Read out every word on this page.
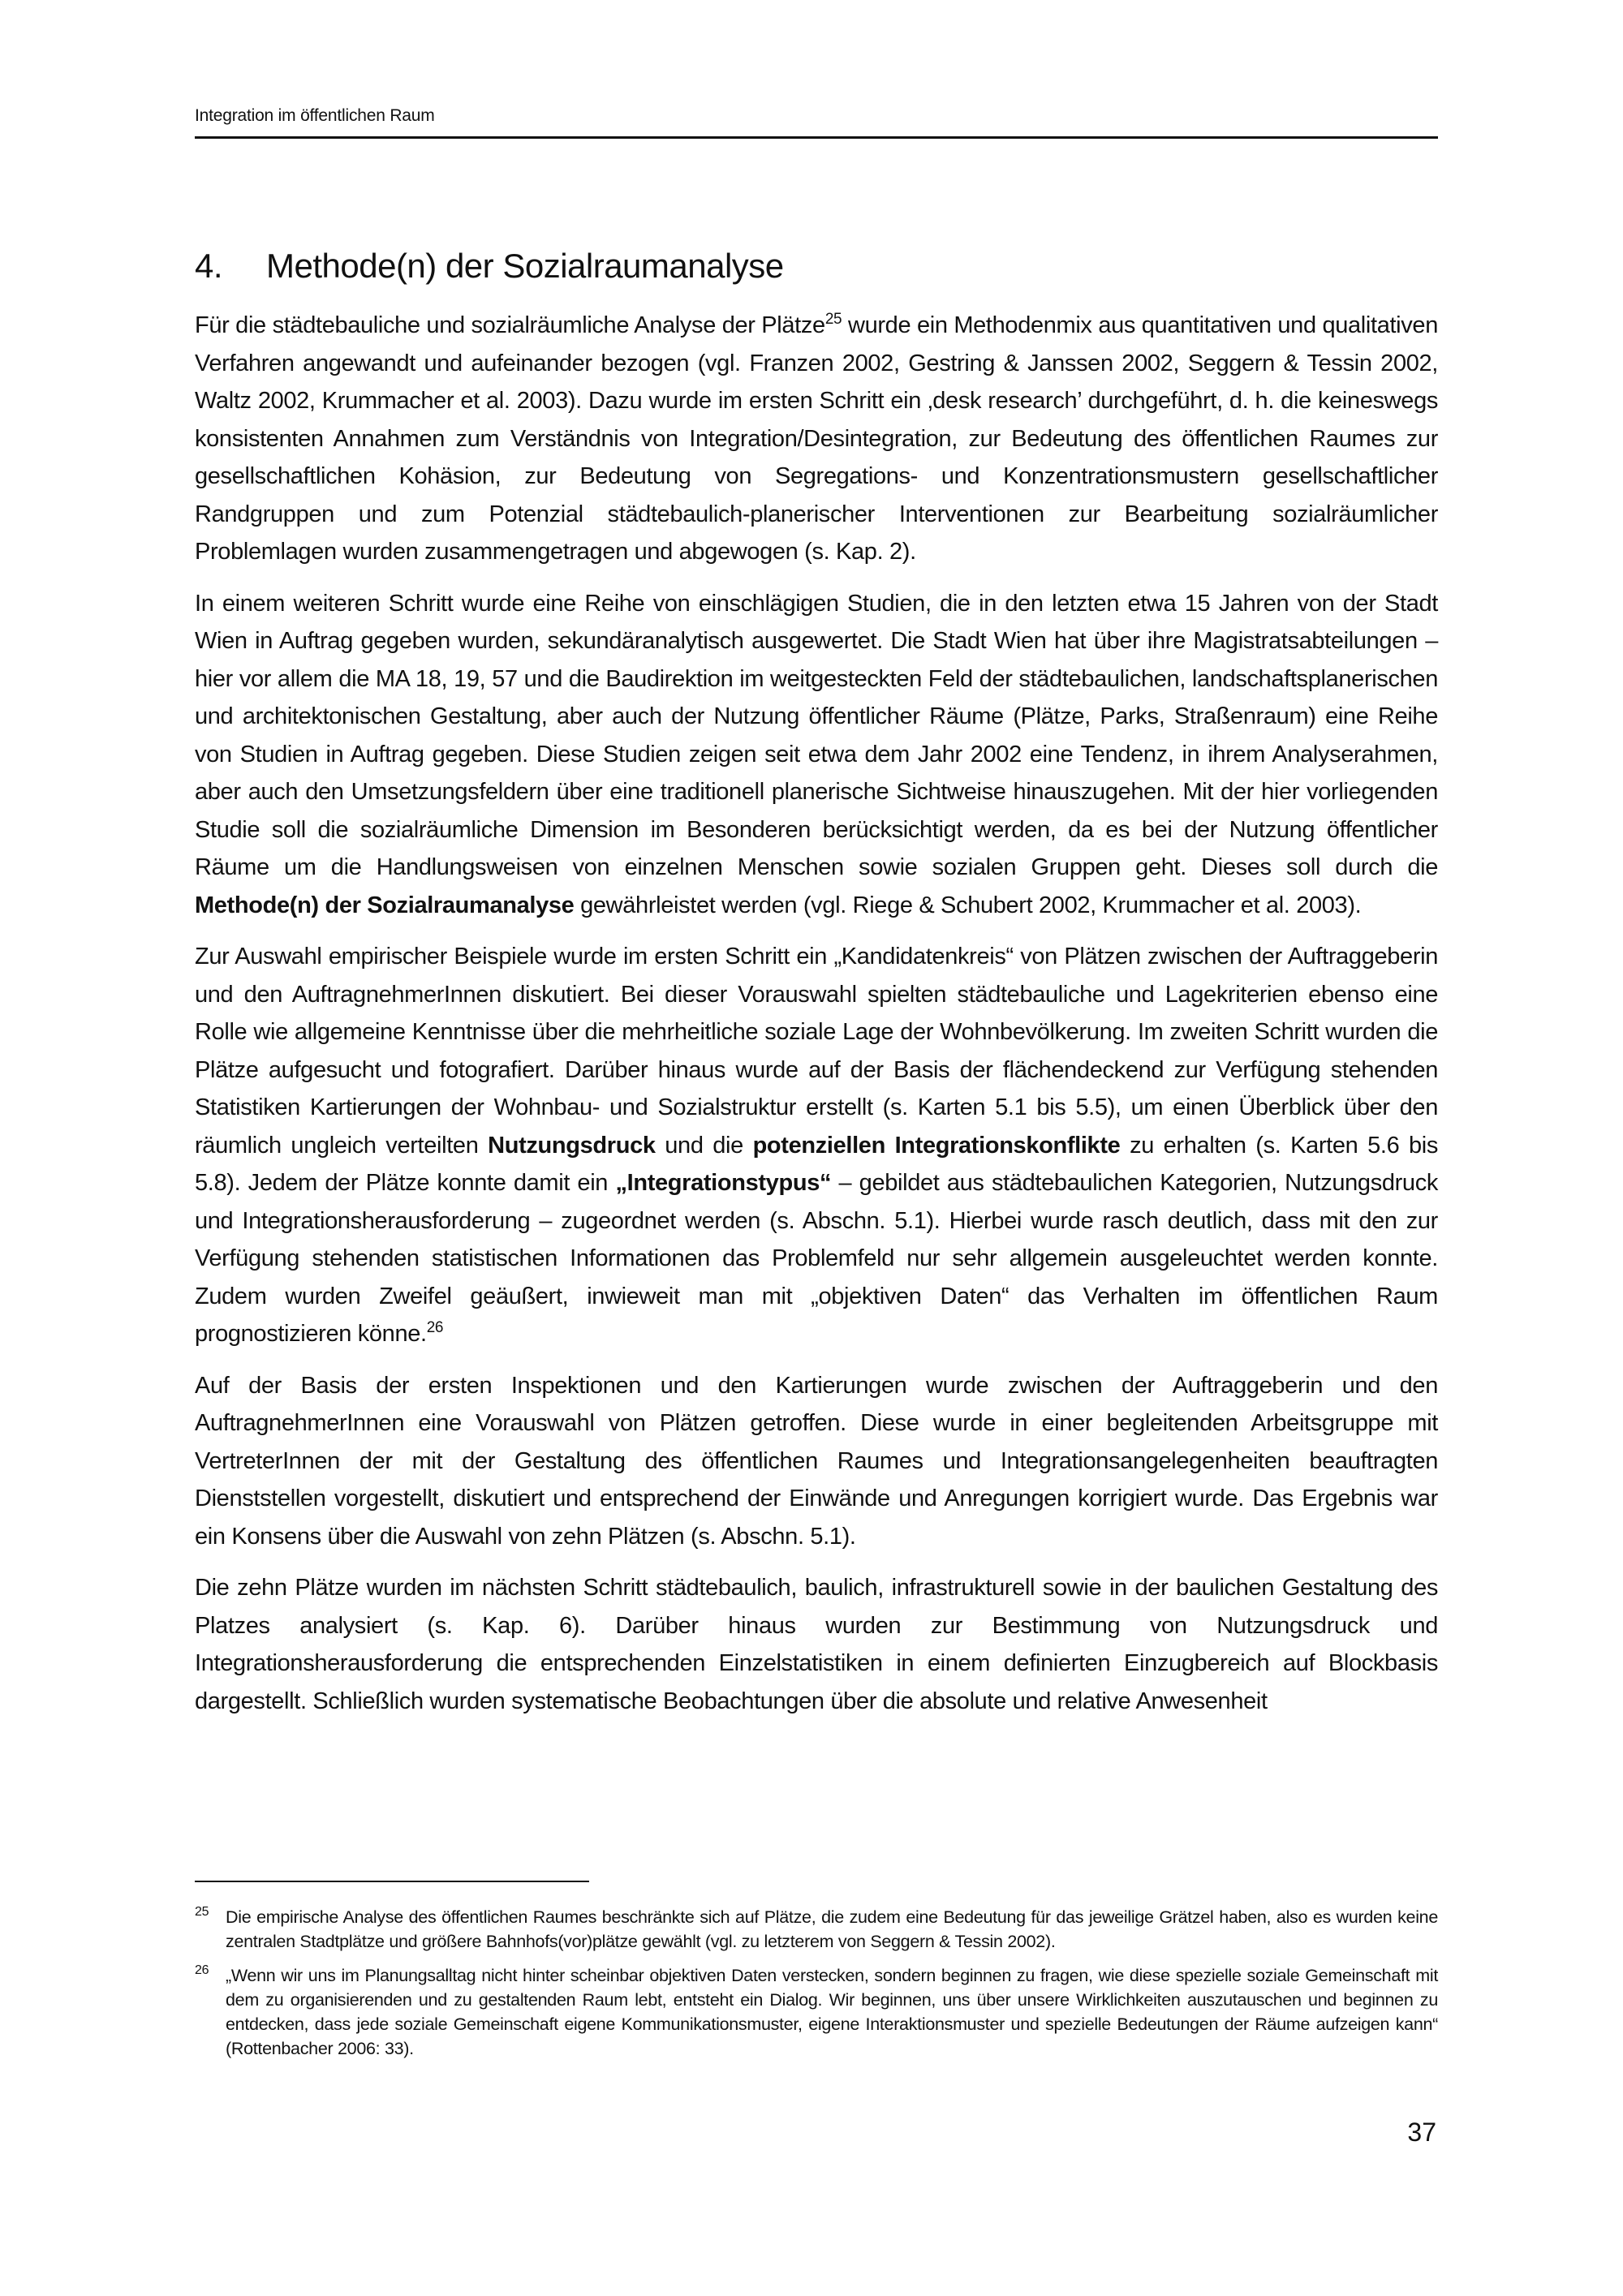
Integration im öffentlichen Raum
4. Methode(n) der Sozialraumanalyse

Für die städtebauliche und sozialräumliche Analyse der Plätze$^{25}$ wurde ein Methodenmix aus quantitativen und qualitativen Verfahren angewandt und aufeinander bezogen (vgl. Franzen 2002, Gestring & Janssen 2002, Seggern & Tessin 2002, Waltz 2002, Krummacher et al. 2003). Dazu wurde im ersten Schritt ein ‚desk research’ durchgeführt, d. h. die keineswegs konsistenten Annahmen zum Verständnis von Integration/Desintegration, zur Bedeutung des öffentlichen Raumes zur gesellschaftlichen Kohäsion, zur Bedeutung von Segregations- und Konzentrationsmustern gesellschaftlicher Randgruppen und zum Potenzial städtebaulich-planerischer Interventionen zur Bearbeitung sozialräumlicher Problemlagen wurden zusammengetragen und abgewogen (s. Kap. 2).

In einem weiteren Schritt wurde eine Reihe von einschlägigen Studien, die in den letzten etwa 15 Jahren von der Stadt Wien in Auftrag gegeben wurden, sekundäranalytisch ausgewertet. Die Stadt Wien hat über ihre Magistratsabteilungen – hier vor allem die MA 18, 19, 57 und die Baudirektion im weitgesteckten Feld der städtebaulichen, landschaftsplanerischen und architektonischen Gestaltung, aber auch der Nutzung öffentlicher Räume (Plätze, Parks, Straßenraum) eine Reihe von Studien in Auftrag gegeben. Diese Studien zeigen seit etwa dem Jahr 2002 eine Tendenz, in ihrem Analyserahmen, aber auch den Umsetzungsfeldern über eine traditionell planerische Sichtweise hinauszugehen. Mit der hier vorliegenden Studie soll die sozialräumliche Dimension im Besonderen berücksichtigt werden, da es bei der Nutzung öffentlicher Räume um die Handlungsweisen von einzelnen Menschen sowie sozialen Gruppen geht. Dieses soll durch die Methode(n) der Sozialraumanalyse gewährleistet werden (vgl. Riege & Schubert 2002, Krummacher et al. 2003).

Zur Auswahl empirischer Beispiele wurde im ersten Schritt ein „Kandidatenkreis“ von Plätzen zwischen der Auftraggeberin und den AuftragnehmerInnen diskutiert. Bei dieser Vorauswahl spielten städtebauliche und Lagekriterien ebenso eine Rolle wie allgemeine Kenntnisse über die mehrheitliche soziale Lage der Wohnbevölkerung. Im zweiten Schritt wurden die Plätze aufgesucht und fotografiert. Darüber hinaus wurde auf der Basis der flächendeckend zur Verfügung stehenden Statistiken Kartierungen der Wohnbau- und Sozialstruktur erstellt (s. Karten 5.1 bis 5.5), um einen Überblick über den räumlich ungleich verteilten Nutzungsdruck und die potenziellen Integrationskonflikte zu erhalten (s. Karten 5.6 bis 5.8). Jedem der Plätze konnte damit ein „Integrationstypus“ – gebildet aus städtebaulichen Kategorien, Nutzungsdruck und Integrationsherausforderung – zugeordnet werden (s. Abschn. 5.1). Hierbei wurde rasch deutlich, dass mit den zur Verfügung stehenden statistischen Informationen das Problemfeld nur sehr allgemein ausgeleuchtet werden konnte. Zudem wurden Zweifel geäußert, inwieweit man mit „objektiven Daten“ das Verhalten im öffentlichen Raum prognostizieren könne.$^{26}$

Auf der Basis der ersten Inspektionen und den Kartierungen wurde zwischen der Auftraggeberin und den AuftragnehmerInnen eine Vorauswahl von Plätzen getroffen. Diese wurde in einer begleitenden Arbeitsgruppe mit VertreterInnen der mit der Gestaltung des öffentlichen Raumes und Integrationsangelegenheiten beauftragten Dienststellen vorgestellt, diskutiert und entsprechend der Einwände und Anregungen korrigiert wurde. Das Ergebnis war ein Konsens über die Auswahl von zehn Plätzen (s. Abschn. 5.1).

Die zehn Plätze wurden im nächsten Schritt städtebaulich, baulich, infrastrukturell sowie in der baulichen Gestaltung des Platzes analysiert (s. Kap. 6). Darüber hinaus wurden zur Bestimmung von Nutzungsdruck und Integrationsherausforderung die entsprechenden Einzelstatistiken in einem definierten Einzugbereich auf Blockbasis dargestellt. Schließlich wurden systematische Beobachtungen über die absolute und relative Anwesenheit

25 Die empirische Analyse des öffentlichen Raumes beschränkte sich auf Plätze, die zudem eine Bedeutung für das jeweilige Grätzel haben, also es wurden keine zentralen Stadtplätze und größere Bahnhofs(vor)plätze gewählt (vgl. zu letzterem von Seggern & Tessin 2002).
26 „Wenn wir uns im Planungsalltag nicht hinter scheinbar objektiven Daten verstecken, sondern beginnen zu fragen, wie diese spezielle soziale Gemeinschaft mit dem zu organisierenden und zu gestaltenden Raum lebt, entsteht ein Dialog. Wir beginnen, uns über unsere Wirklichkeiten auszutauschen und beginnen zu entdecken, dass jede soziale Gemeinschaft eigene Kommunikationsmuster, eigene Interaktionsmuster und spezielle Bedeutungen der Räume aufzeigen kann“ (Rottenbacher 2006: 33).
37
